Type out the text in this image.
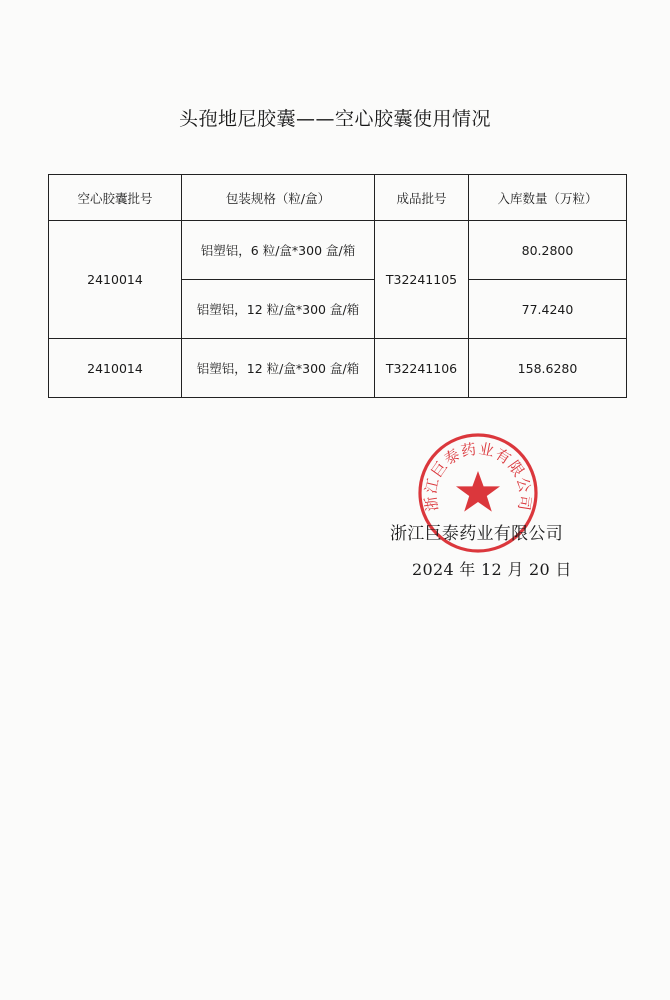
头孢地尼胶囊——空心胶囊使用情况
空心胶囊批号	包装规格（粒/盒）	成品批号	入库数量（万粒）
2410014	铝塑铝，6 粒/盒*300 盒/箱	T32241105	80.2800
	铝塑铝，12 粒/盒*300 盒/箱		77.4240
2410014	铝塑铝，12 粒/盒*300 盒/箱	T32241106	158.6280
浙江巨泰药业有限公司
浙江巨泰药业有限公司
2024 年 12 月 20 日
